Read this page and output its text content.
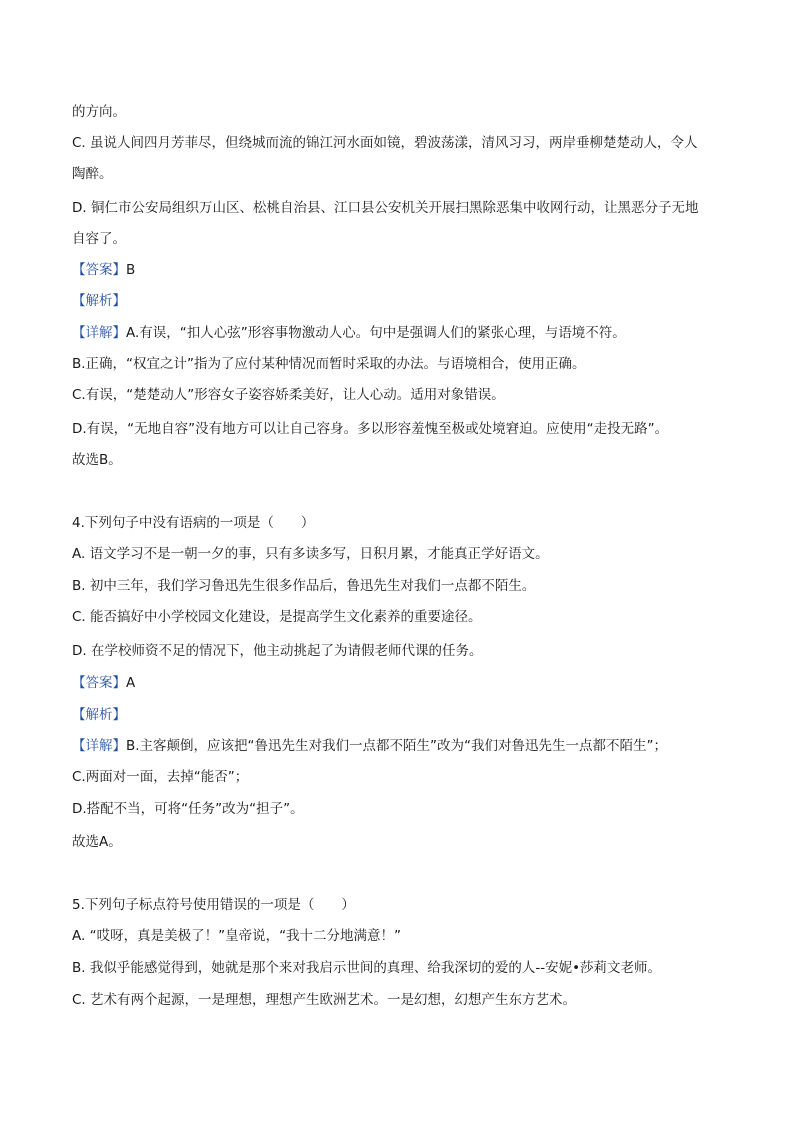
的方向。
C. 虽说人间四月芳菲尽，但绕城而流的锦江河水面如镜，碧波荡漾，清风习习，两岸垂柳楚楚动人，令人
陶醉。
D. 铜仁市公安局组织万山区、松桃自治县、江口县公安机关开展扫黑除恶集中收网行动，让黑恶分子无地
自容了。
【答案】B
【解析】
【详解】A.有误，“扣人心弦”形容事物激动人心。句中是强调人们的紧张心理，与语境不符。
B.正确，“权宜之计”指为了应付某种情况而暂时采取的办法。与语境相合，使用正确。
C.有误，“楚楚动人”形容女子姿容娇柔美好，让人心动。适用对象错误。
D.有误，“无地自容”没有地方可以让自己容身。多以形容羞愧至极或处境窘迫。应使用“走投无路”。
故选B。
4.下列句子中没有语病的一项是（　　）
A. 语文学习不是一朝一夕的事，只有多读多写，日积月累，才能真正学好语文。
B. 初中三年，我们学习鲁迅先生很多作品后，鲁迅先生对我们一点都不陌生。
C. 能否搞好中小学校园文化建设，是提高学生文化素养的重要途径。
D. 在学校师资不足的情况下，他主动挑起了为请假老师代课的任务。
【答案】A
【解析】
【详解】B.主客颠倒，应该把“鲁迅先生对我们一点都不陌生”改为“我们对鲁迅先生一点都不陌生”；
C.两面对一面，去掉“能否”；
D.搭配不当，可将“任务”改为“担子”。
故选A。
5.下列句子标点符号使用错误的一项是（　　）
A. “哎呀，真是美极了！”皇帝说，“我十二分地满意！”
B. 我似乎能感觉得到，她就是那个来对我启示世间的真理、给我深切的爱的人--安妮•莎莉文老师。
C. 艺术有两个起源，一是理想，理想产生欧洲艺术。一是幻想，幻想产生东方艺术。
